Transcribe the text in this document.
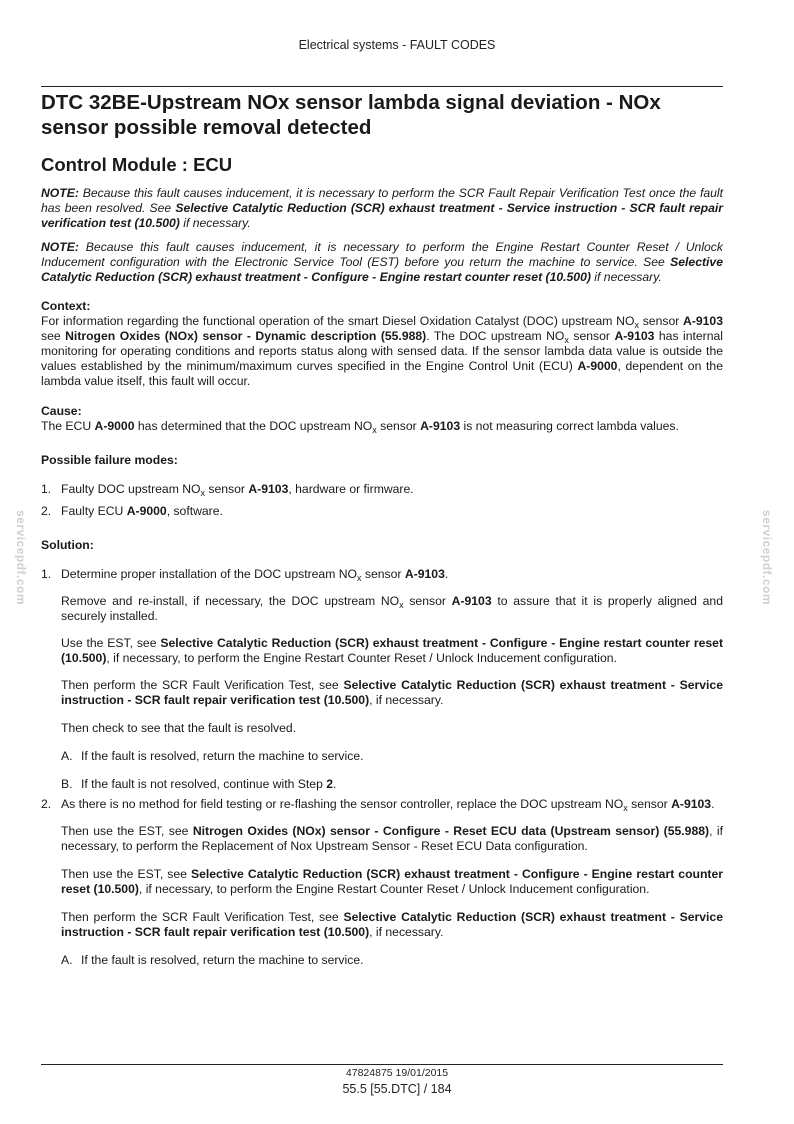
Electrical systems - FAULT CODES
servicepdf.com	servicepdf.com
DTC 32BE-Upstream NOx sensor lambda signal deviation - NOx sensor possible removal detected
Control Module : ECU

NOTE: Because this fault causes inducement, it is necessary to perform the SCR Fault Repair Verification Test once the fault has been resolved. See Selective Catalytic Reduction (SCR) exhaust treatment - Service instruction - SCR fault repair verification test (10.500) if necessary.

NOTE: Because this fault causes inducement, it is necessary to perform the Engine Restart Counter Reset / Unlock Inducement configuration with the Electronic Service Tool (EST) before you return the machine to service. See Selective Catalytic Reduction (SCR) exhaust treatment - Configure - Engine restart counter reset (10.500) if necessary.

Context:

For information regarding the functional operation of the smart Diesel Oxidation Catalyst (DOC) upstream $NO_x$ sensor A-9103 see Nitrogen Oxides (NOx) sensor - Dynamic description (55.988). The DOC upstream $NO_x$ sensor A-9103 has internal monitoring for operating conditions and reports status along with sensed data. If the sensor lambda data value is outside the values established by the minimum/maximum curves specified in the Engine Control Unit (ECU) A-9000, dependent on the lambda value itself, this fault will occur.

Cause:

The ECU A-9000 has determined that the DOC upstream $NO_x$ sensor A-9103 is not measuring correct lambda values.

Possible failure modes:
1. Faulty DOC upstream $NO_x$ sensor A-9103, hardware or firmware.
2. Faulty ECU A-9000, software.
Solution:
1. Determine proper installation of the DOC upstream $NO_x$ sensor A-9103.

Remove and re-install, if necessary, the DOC upstream $NO_x$ sensor A-9103 to assure that it is properly aligned and securely installed.

Use the EST, see Selective Catalytic Reduction (SCR) exhaust treatment - Configure - Engine restart counter reset (10.500), if necessary, to perform the Engine Restart Counter Reset / Unlock Inducement configuration.

Then perform the SCR Fault Verification Test, see Selective Catalytic Reduction (SCR) exhaust treatment - Service instruction - SCR fault repair verification test (10.500), if necessary.

Then check to see that the fault is resolved.

A. If the fault is resolved, return the machine to service.
B. If the fault is not resolved, continue with Step 2.
2. As there is no method for field testing or re-flashing the sensor controller, replace the DOC upstream $NO_x$ sensor A-9103.

Then use the EST, see Nitrogen Oxides (NOx) sensor - Configure - Reset ECU data (Upstream sensor) (55.988), if necessary, to perform the Replacement of Nox Upstream Sensor - Reset ECU Data configuration.

Then use the EST, see Selective Catalytic Reduction (SCR) exhaust treatment - Configure - Engine restart counter reset (10.500), if necessary, to perform the Engine Restart Counter Reset / Unlock Inducement configuration.

Then perform the SCR Fault Verification Test, see Selective Catalytic Reduction (SCR) exhaust treatment - Service instruction - SCR fault repair verification test (10.500), if necessary.

A. If the fault is resolved, return the machine to service.
47824875 19/01/2015
55.5 [55.DTC] / 184
